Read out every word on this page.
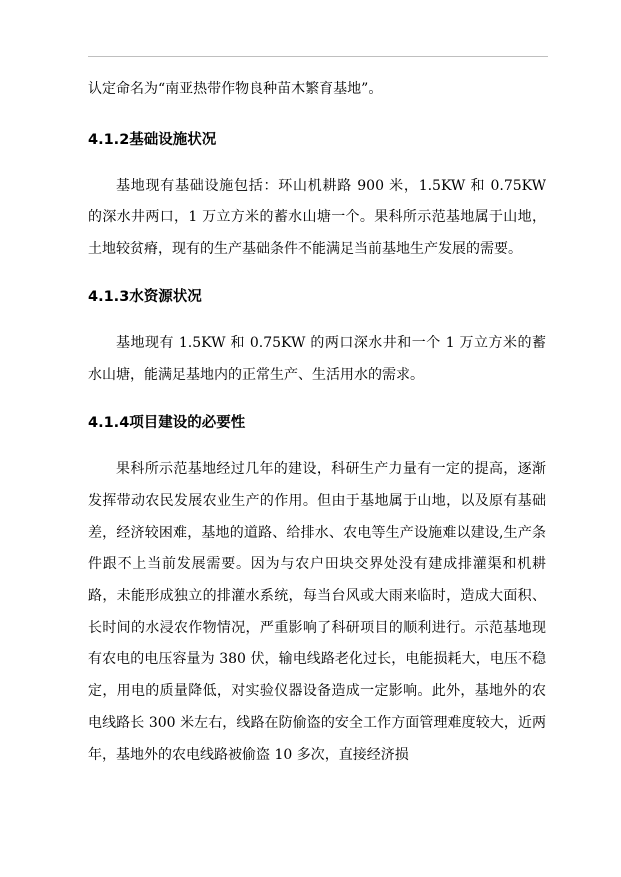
认定命名为“南亚热带作物良种苗木繁育基地”。

4.1.2基础设施状况

基地现有基础设施包括：环山机耕路 900 米，1.5KW 和 0.75KW 的深水井两口，1 万立方米的蓄水山塘一个。果科所示范基地属于山地，土地较贫瘠，现有的生产基础条件不能满足当前基地生产发展的需要。

4.1.3水资源状况

基地现有 1.5KW 和 0.75KW 的两口深水井和一个 1 万立方米的蓄水山塘，能满足基地内的正常生产、生活用水的需求。

4.1.4项目建设的必要性

果科所示范基地经过几年的建设，科研生产力量有一定的提高，逐渐发挥带动农民发展农业生产的作用。但由于基地属于山地，以及原有基础差，经济较困难，基地的道路、给排水、农电等生产设施难以建设,生产条件跟不上当前发展需要。因为与农户田块交界处没有建成排灌渠和机耕路，未能形成独立的排灌水系统，每当台风或大雨来临时，造成大面积、长时间的水浸农作物情况，严重影响了科研项目的顺利进行。示范基地现有农电的电压容量为 380 伏，输电线路老化过长，电能损耗大，电压不稳定，用电的质量降低，对实验仪器设备造成一定影响。此外，基地外的农电线路长 300 米左右，线路在防偷盗的安全工作方面管理难度较大，近两年，基地外的农电线路被偷盗 10 多次，直接经济损
